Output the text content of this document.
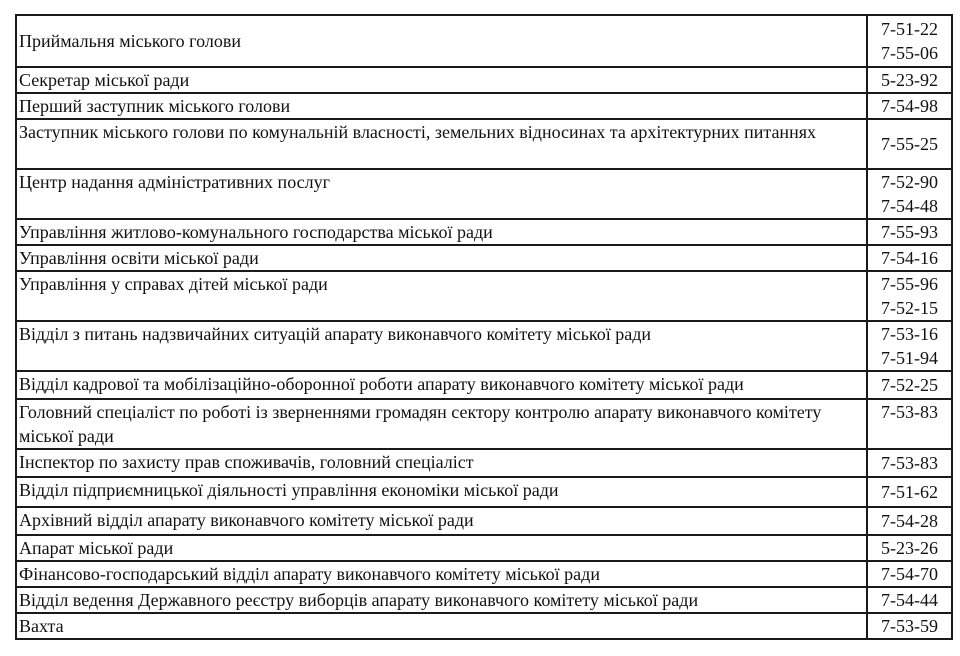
Приймальня міського голови	7-51-22
7-55-06

Секретар міської ради	5-23-92

Перший заступник міського голови	7-54-98

Заступник міського голови по комунальній власності, земельних відносинах та архітектурних питаннях	7-55-25

Центр надання адміністративних послуг	7-52-90
7-54-48

Управління житлово-комунального господарства міської ради	7-55-93

Управління освіти міської ради	7-54-16

Управління у справах дітей міської ради	7-55-96
7-52-15

Відділ з питань надзвичайних ситуацій апарату виконавчого комітету міської ради	7-53-16
7-51-94

Відділ кадрової та мобілізаційно-оборонної роботи апарату виконавчого комітету міської ради	7-52-25

Головний спеціаліст по роботі із зверненнями громадян сектору контролю апарату виконавчого комітету міської ради	7-53-83

Інспектор по захисту прав споживачів, головний спеціаліст	7-53-83

Відділ підприємницької діяльності управління економіки міської ради	7-51-62

Архівний відділ апарату виконавчого комітету міської ради	7-54-28

Апарат міської ради	5-23-26

Фінансово-господарський відділ апарату виконавчого комітету міської ради	7-54-70

Відділ ведення Державного реєстру виборців апарату виконавчого комітету міської ради	7-54-44

Вахта	7-53-59
